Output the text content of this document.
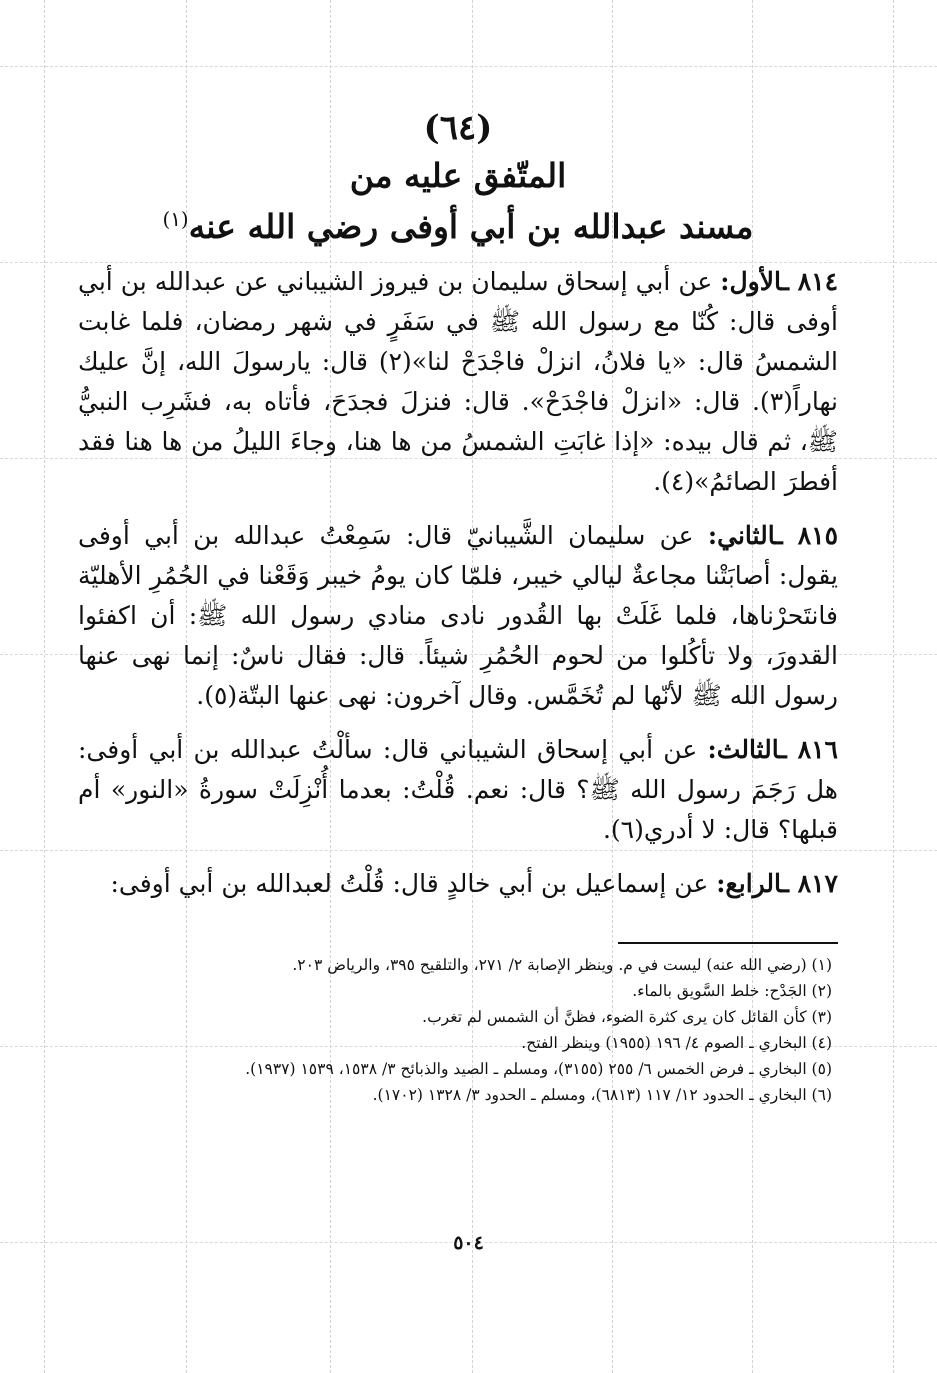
(٦٤)
المتّفق عليه من
مسند عبدالله بن أبي أوفى رضي الله عنه$^{(١)}$

٨١٤ ـالأول: عن أبي إسحاق سليمان بن فيروز الشيباني عن عبدالله بن أبي أوفى قال: كُنّا مع رسول الله ﷺ في سَفَرٍ في شهر رمضان، فلما غابت الشمسُ قال: «يا فلانُ، انزلْ فاجْدَحْ لنا»(٢) قال: يارسولَ الله، إنَّ عليك نهاراً(٣). قال: «انزلْ فاجْدَحْ». قال: فنزلَ فجدَحَ، فأتاه به، فشَرِب النبيُّ ﷺ، ثم قال بيده: «إذا غابَتِ الشمسُ من ها هنا، وجاءَ الليلُ من ها هنا فقد أفطرَ الصائمُ»(٤).

٨١٥ ـالثاني: عن سليمان الشَّيبانيّ قال: سَمِعْتُ عبدالله بن أبي أوفى يقول: أصابَتْنا مجاعةٌ ليالي خيبر، فلمّا كان يومُ خيبر وَقَعْنا في الحُمُرِ الأهليّة فانتَحرْناها، فلما غَلَتْ بها القُدور نادى منادي رسول الله ﷺ: أن اكفئوا القدورَ، ولا تأكُلوا من لحوم الحُمُرِ شيئاً. قال: فقال ناسٌ: إنما نهى عنها رسول الله ﷺ لأنّها لم تُخَمَّس. وقال آخرون: نهى عنها البتّة(٥).

٨١٦ ـالثالث: عن أبي إسحاق الشيباني قال: سألْتُ عبدالله بن أبي أوفى: هل رَجَمَ رسول الله ﷺ؟ قال: نعم. قُلْتُ: بعدما أُنْزِلَتْ سورةُ «النور» أم قبلها؟ قال: لا أدري(٦).

٨١٧ ـالرابع: عن إسماعيل بن أبي خالدٍ قال: قُلْتُ لعبدالله بن أبي أوفى:

(١) (رضي الله عنه) ليست في م. وينظر الإصابة ٢/ ٢٧١، والتلقيح ٣٩٥، والرياض ٢٠٣.

(٢) الجَدْح: خلط السَّويق بالماء.

(٣) كأن القائل كان يرى كثرة الضوء، فظنَّ أن الشمس لم تغرب.

(٤) البخاري ـ الصوم ٤/ ١٩٦ (١٩٥٥) وينظر الفتح.

(٥) البخاري ـ فرض الخمس ٦/ ٢٥٥ (٣١٥٥)، ومسلم ـ الصيد والذبائح ٣/ ١٥٣٨، ١٥٣٩ (١٩٣٧).

(٦) البخاري ـ الحدود ١٢/ ١١٧ (٦٨١٣)، ومسلم ـ الحدود ٣/ ١٣٢٨ (١٧٠٢).

٥٠٤
